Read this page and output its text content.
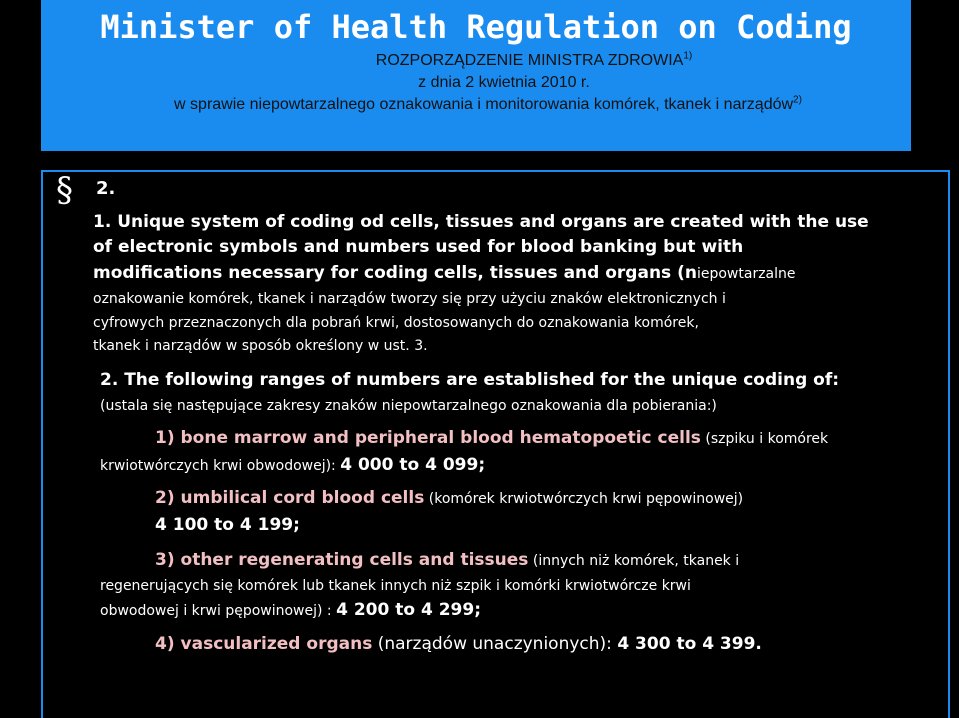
Minister of Health Regulation on Coding
ROZPORZĄDZENIE MINISTRA ZDROWIA$^{1)}$
z dnia 2 kwietnia 2010 r.
w sprawie niepowtarzalnego oznakowania i monitorowania komórek, tkanek i narządów$^{2)}$
§ 2.
1. Unique system of coding od cells, tissues and organs are created with the use
of electronic symbols and numbers used for blood banking but with
modifications necessary for coding cells, tissues and organs (niepowtarzalne
oznakowanie komórek, tkanek i narządów tworzy się przy użyciu znaków elektronicznych i
cyfrowych przeznaczonych dla pobrań krwi, dostosowanych do oznakowania komórek,
tkanek i narządów w sposób określony w ust. 3.
2. The following ranges of numbers are established for the unique coding of:
(ustala się następujące zakresy znaków niepowtarzalnego oznakowania dla pobierania:)
1) bone marrow and peripheral blood hematopoetic cells (szpiku i komórek
krwiotwórczych krwi obwodowej): 4 000 to 4 099;
2) umbilical cord blood cells (komórek krwiotwórczych krwi pępowinowej)
4 100 to 4 199;
3) other regenerating cells and tissues (innych niż komórek, tkanek i
regenerujących się komórek lub tkanek innych niż szpik i komórki krwiotwórcze krwi
obwodowej i krwi pępowinowej) : 4 200 to 4 299;
4) vascularized organs (narządów unaczynionych): 4 300 to 4 399.
